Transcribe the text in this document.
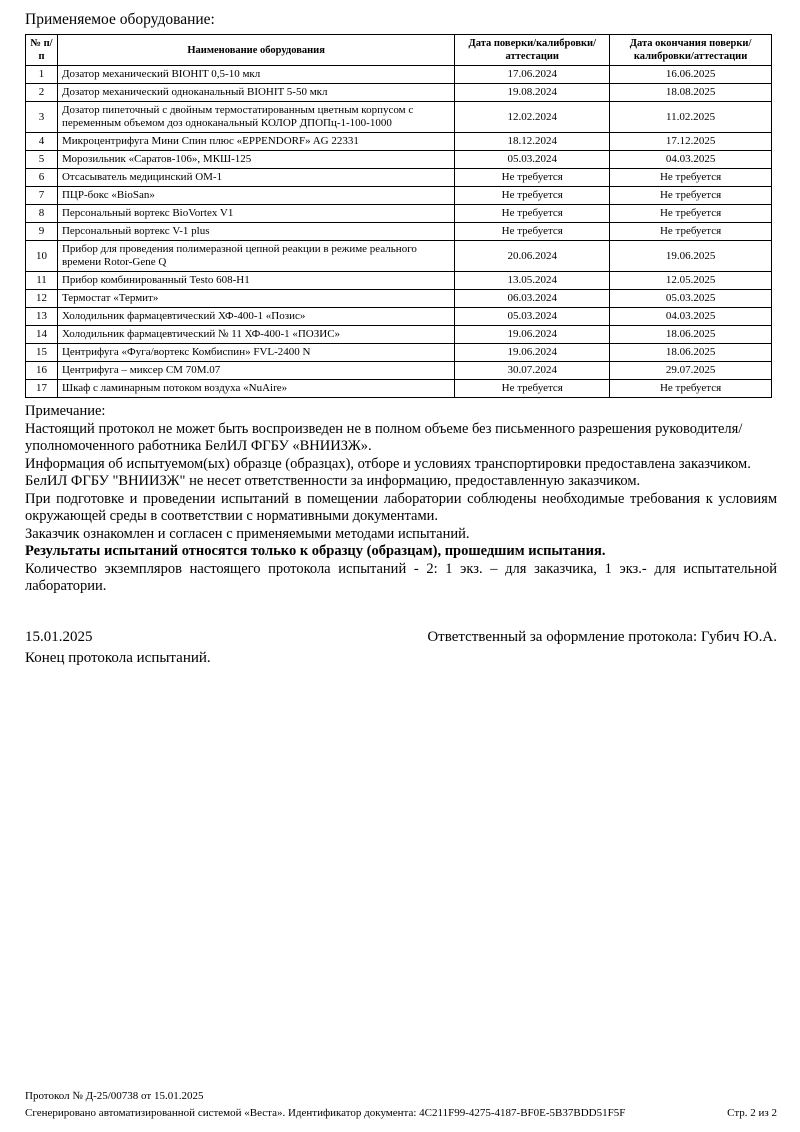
Применяемое оборудование:
№ п/п	Наименование оборудования	Дата поверки/калибровки/аттестации	Дата окончания поверки/калибровки/аттестации
1	Дозатор механический BIOHIT 0,5-10 мкл	17.06.2024	16.06.2025
2	Дозатор механический одноканальный BIOHIT 5-50 мкл	19.08.2024	18.08.2025
3	Дозатор пипеточный с двойным термостатированным цветным корпусом с переменным объемом доз одноканальный КОЛОР ДПОПц-1-100-1000	12.02.2024	11.02.2025
4	Микроцентрифуга Мини Спин плюс «EPPENDORF» AG 22331	18.12.2024	17.12.2025
5	Морозильник «Саратов-106», МКШ-125	05.03.2024	04.03.2025
6	Отсасыватель медицинский ОМ-1	Не требуется	Не требуется
7	ПЦР-бокс «BioSan»	Не требуется	Не требуется
8	Персональный вортекс BioVortex V1	Не требуется	Не требуется
9	Персональный вортекс V-1 plus	Не требуется	Не требуется
10	Прибор для проведения полимеразной цепной реакции в режиме реального времени Rotor-Gene Q	20.06.2024	19.06.2025
11	Прибор комбинированный Testo 608-H1	13.05.2024	12.05.2025
12	Термостат «Термит»	06.03.2024	05.03.2025
13	Холодильник фармацевтический ХФ-400-1 «Позис»	05.03.2024	04.03.2025
14	Холодильник фармацевтический № 11 ХФ-400-1 «ПОЗИС»	19.06.2024	18.06.2025
15	Центрифуга «Фуга/вортекс Комбиспин» FVL-2400 N	19.06.2024	18.06.2025
16	Центрифуга – миксер СМ 70М.07	30.07.2024	29.07.2025
17	Шкаф с ламинарным потоком воздуха «NuAire»	Не требуется	Не требуется
Примечание:
Настоящий протокол не может быть воспроизведен не в полном объеме без письменного разрешения руководителя/уполномоченного работника БелИЛ ФГБУ «ВНИИЗЖ».
Информация об испытуемом(ых) образце (образцах), отборе и условиях транспортировки предоставлена заказчиком. БелИЛ ФГБУ "ВНИИЗЖ" не несет ответственности за информацию, предоставленную заказчиком.
При подготовке и проведении испытаний в помещении лаборатории соблюдены необходимые требования к условиям окружающей среды в соответствии с нормативными документами.
Заказчик ознакомлен и согласен с применяемыми методами испытаний.
Результаты испытаний относятся только к образцу (образцам), прошедшим испытания.
Количество экземпляров настоящего протокола испытаний - 2: 1 экз. – для заказчика, 1 экз.- для испытательной лаборатории.
15.01.2025	Ответственный за оформление протокола: Губич Ю.А.
Конец протокола испытаний.
Протокол № Д-25/00738 от 15.01.2025
Сгенерировано автоматизированной системой «Веста». Идентификатор документа: 4C211F99-4275-4187-BF0E-5B37BDD51F5F	Стр. 2 из 2
